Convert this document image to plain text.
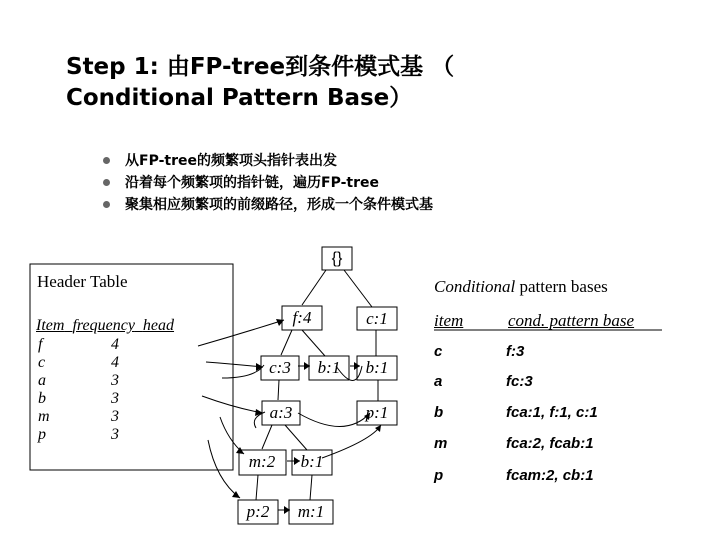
Step 1: 由FP-tree到条件模式基 （
Conditional Pattern Base）
从FP-tree的频繁项头指针表出发
沿着每个频繁项的指针链，遍历FP-tree
聚集相应频繁项的前缀路径，形成一个条件模式基
Header Table
Item frequency head
f	4
c	4
a	3
b	3
m	3
p	3
{}
f:4	c:1
c:3 b:1 b:1
a:3	p:1
m:2 b:1
p:2 m:1
Conditional pattern bases
item	cond. pattern base
c	f:3
a	fc:3
b	fca:1, f:1, c:1
m	fca:2, fcab:1
p	fcam:2, cb:1
